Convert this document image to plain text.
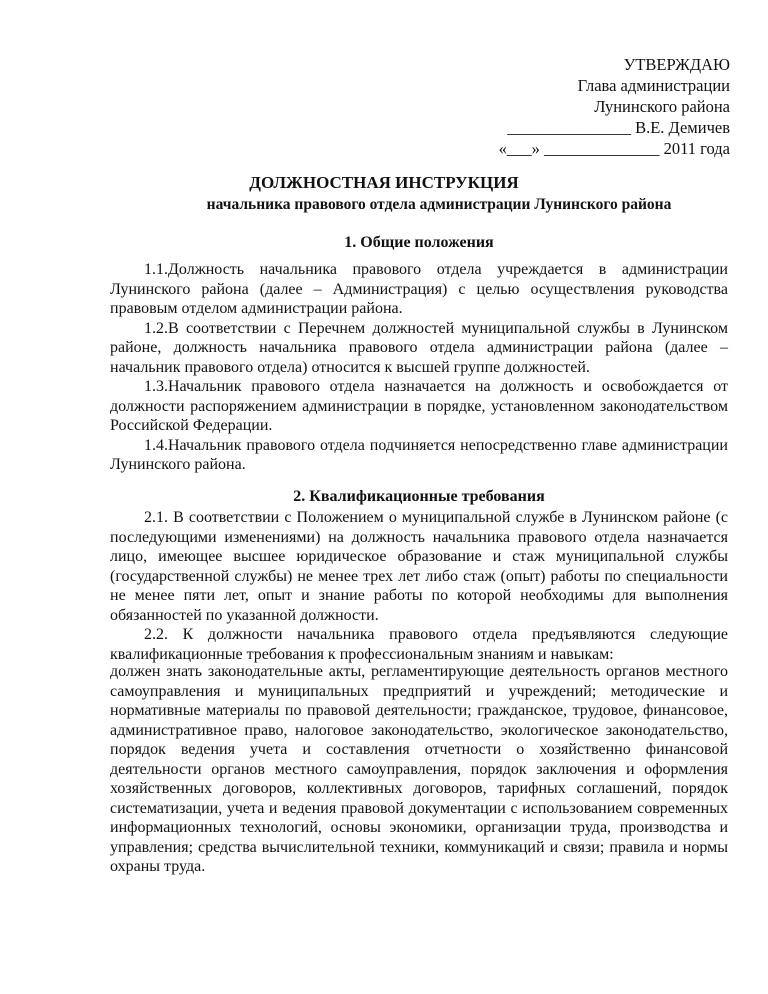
УТВЕРЖДАЮ
Глава администрации
Лунинского района
_______________ В.Е. Демичев
«___» ______________ 2011 года
ДОЛЖНОСТНАЯ ИНСТРУКЦИЯ
начальника правового отдела администрации Лунинского района
1. Общие положения

1.1.Должность начальника правового отдела учреждается в администрации Лунинского района (далее – Администрация) с целью осуществления руководства правовым отделом администрации района.

1.2.В соответствии с Перечнем должностей муниципальной службы в Лунинском районе, должность начальника правового отдела администрации района (далее – начальник правового отдела) относится к высшей группе должностей.

1.3.Начальник правового отдела назначается на должность и освобождается от должности распоряжением администрации в порядке, установленном законодательством Российской Федерации.

1.4.Начальник правового отдела подчиняется непосредственно главе администрации Лунинского района.

2. Квалификационные требования

2.1. В соответствии с Положением о муниципальной службе в Лунинском районе (с последующими изменениями) на должность начальника правового отдела назначается лицо, имеющее высшее юридическое образование и стаж муниципальной службы (государственной службы) не менее трех лет либо стаж (опыт) работы по специальности не менее пяти лет, опыт и знание работы по которой необходимы для выполнения обязанностей по указанной должности.

2.2. К должности начальника правового отдела предъявляются следующие квалификационные требования к профессиональным знаниям и навыкам:

должен знать законодательные акты, регламентирующие деятельность органов местного самоуправления и муниципальных предприятий и учреждений; методические и нормативные материалы по правовой деятельности; гражданское, трудовое, финансовое, административное право, налоговое законодательство, экологическое законодательство, порядок ведения учета и составления отчетности о хозяйственно финансовой деятельности органов местного самоуправления, порядок заключения и оформления хозяйственных договоров, коллективных договоров, тарифных соглашений, порядок систематизации, учета и ведения правовой документации с использованием современных информационных технологий, основы экономики, организации труда, производства и управления; средства вычислительной техники, коммуникаций и связи; правила и нормы охраны труда.
